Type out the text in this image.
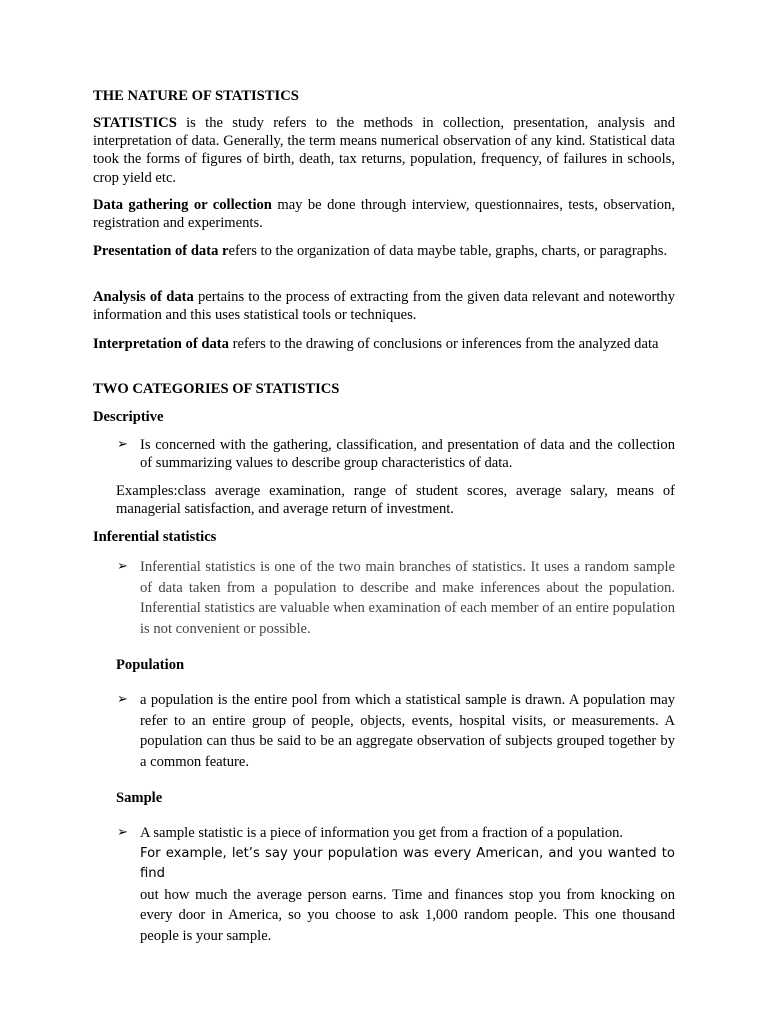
THE NATURE OF STATISTICS
STATISTICS is the study refers to the methods in collection, presentation, analysis and interpretation of data. Generally, the term means numerical observation of any kind. Statistical data took the forms of figures of birth, death, tax returns, population, frequency, of failures in schools, crop yield etc.
Data gathering or collection may be done through interview, questionnaires, tests, observation, registration and experiments.
Presentation of data refers to the organization of data maybe table, graphs, charts, or paragraphs.
Analysis of data pertains to the process of extracting from the given data relevant and noteworthy information and this uses statistical tools or techniques.
Interpretation of data refers to the drawing of conclusions or inferences from the analyzed data
TWO CATEGORIES OF STATISTICS
Descriptive
➢ Is concerned with the gathering, classification, and presentation of data and the collection of summarizing values to describe group characteristics of data.
Examples:class average examination, range of student scores, average salary, means of managerial satisfaction, and average return of investment.
Inferential statistics
➢ Inferential statistics is one of the two main branches of statistics. It uses a random sample of data taken from a population to describe and make inferences about the population. Inferential statistics are valuable when examination of each member of an entire population is not convenient or possible.
Population
➢ a population is the entire pool from which a statistical sample is drawn. A population may refer to an entire group of people, objects, events, hospital visits, or measurements. A population can thus be said to be an aggregate observation of subjects grouped together by a common feature.
Sample
➢ A sample statistic is a piece of information you get from a fraction of a population.
For example, let’s say your population was every American, and you wanted to find
out how much the average person earns. Time and finances stop you from knocking on every door in America, so you choose to ask 1,000 random people. This one thousand people is your sample.
